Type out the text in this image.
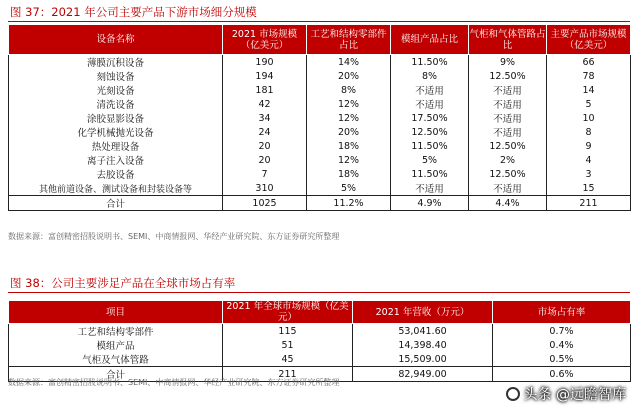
图 37：2021 年公司主要产品下游市场细分规模
设备名称	2021 市场规模（亿美元）	工艺和结构零部件占比	模组产品占比	气柜和气体管路占比	主要产品市场规模（亿美元）
薄膜沉积设备	190	14%	11.50%	9%	66
刻蚀设备	194	20%	8%	12.50%	78
光刻设备	181	8%	不适用	不适用	14
清洗设备	42	12%	不适用	不适用	5
涂胶显影设备	34	12%	17.50%	不适用	10
化学机械抛光设备	24	20%	12.50%	不适用	8
热处理设备	20	18%	11.50%	12.50%	9
离子注入设备	20	12%	5%	2%	4
去胶设备	7	18%	11.50%	12.50%	3
其他前道设备、测试设备和封装设备等	310	5%	不适用	不适用	15
合计	1025	11.2%	4.9%	4.4%	211
数据来源：富创精密招股说明书、SEMI、中商情报网、华经产业研究院、东方证券研究所整理
图 38：公司主要涉足产品在全球市场占有率
项目	2021 年全球市场规模（亿美元）	2021 年营收（万元）	市场占有率
工艺和结构零部件	115	53,041.60	0.7%
模组产品	51	14,398.40	0.4%
气柜及气体管路	45	15,509.00	0.5%
合计	211	82,949.00	0.6%
数据来源：富创精密招股说明书、SEMI、中商情报网、华经产业研究院、东方证券研究所整理
头条 @远瞻智库
